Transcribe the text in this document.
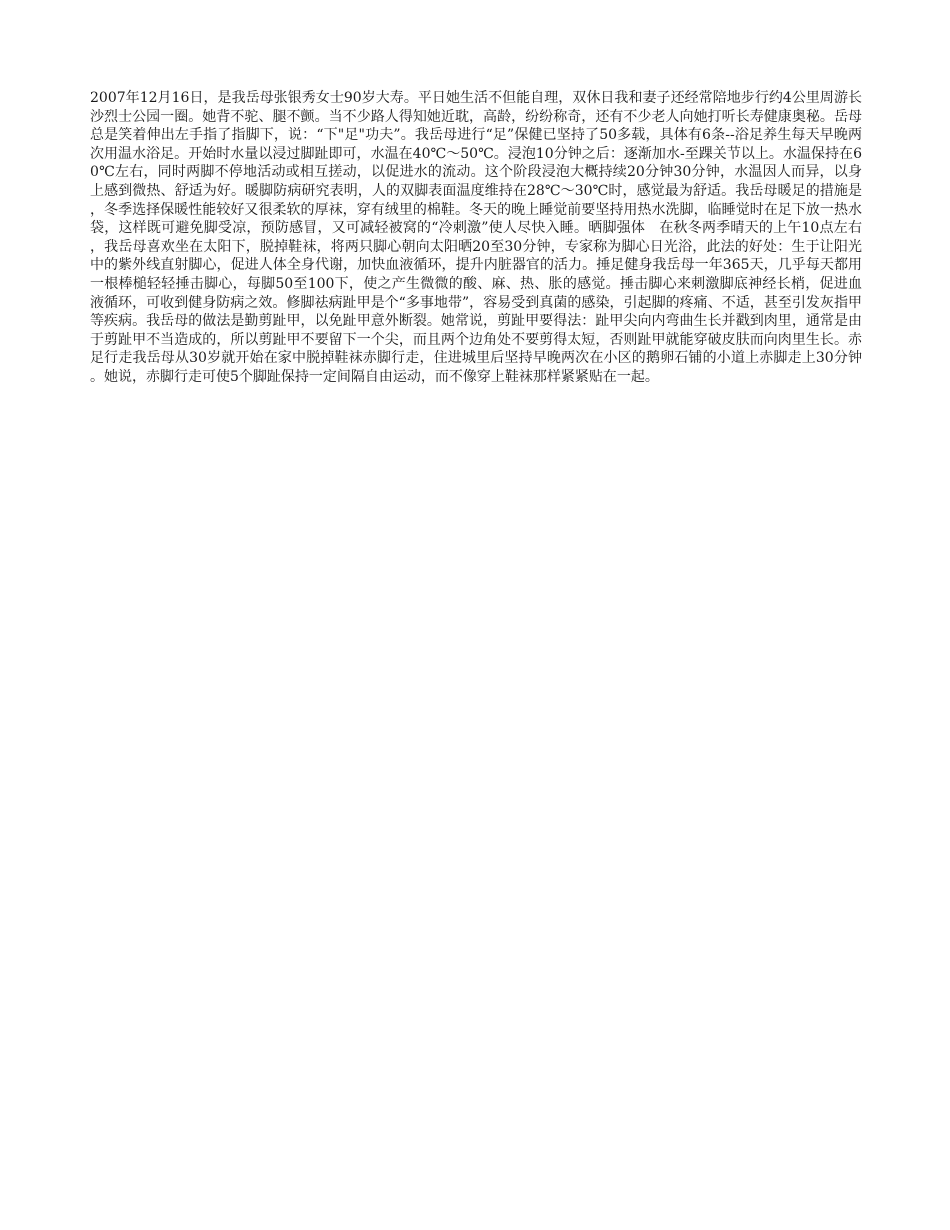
2007年12月16日，是我岳母张银秀女士90岁大寿。平日她生活不但能自理，双休日我和妻子还经常陪地步行约4公里周游长沙烈士公园一圈。她背不驼、腿不颤。当不少路人得知她近耽，高龄，纷纷称奇，还有不少老人向她打听长寿健康奥秘。岳母总是笑着伸出左手指了指脚下，说：“下"足"功夫”。我岳母进行“足”保健已坚持了50多载，具体有6条--浴足养生每天早晚两次用温水浴足。开始时水量以浸过脚趾即可，水温在40℃～50℃。浸泡10分钟之后：逐渐加水-至踝关节以上。水温保持在60℃左右，同时两脚不停地活动或相互搓动，以促进水的流动。这个阶段浸泡大概持续20分钟30分钟，水温因人而异，以身上感到微热、舒适为好。暖脚防病研究表明，人的双脚表面温度维持在28℃～30℃时，感觉最为舒适。我岳母暖足的措施是，冬季选择保暖性能较好又很柔软的厚袜，穿有绒里的棉鞋。冬天的晚上睡觉前要坚持用热水洗脚，临睡觉时在足下放一热水袋，这样既可避免脚受凉，预防感冒，又可减轻被窝的“冷刺激”使人尽快入睡。晒脚强体　在秋冬两季晴天的上午10点左右，我岳母喜欢坐在太阳下，脱掉鞋袜，将两只脚心朝向太阳晒20至30分钟，专家称为脚心日光浴，此法的好处：生于让阳光中的紫外线直射脚心，促进人体全身代谢，加快血液循环，提升内脏器官的活力。捶足健身我岳母一年365天，几乎每天都用一根棒槌轻轻捶击脚心，每脚50至100下，使之产生微微的酸、麻、热、胀的感觉。捶击脚心来刺激脚底神经长梢，促进血液循环，可收到健身防病之效。修脚祛病趾甲是个“多事地带”，容易受到真菌的感染，引起脚的疼痛、不适，甚至引发灰指甲等疾病。我岳母的做法是勤剪趾甲，以免趾甲意外断裂。她常说，剪趾甲要得法：趾甲尖向内弯曲生长并戳到肉里，通常是由于剪趾甲不当造成的，所以剪趾甲不要留下一个尖，而且两个边角处不要剪得太短，否则趾甲就能穿破皮肤而向肉里生长。赤足行走我岳母从30岁就开始在家中脱掉鞋袜赤脚行走，住进城里后坚持早晚两次在小区的鹅卵石铺的小道上赤脚走上30分钟。她说，赤脚行走可使5个脚趾保持一定间隔自由运动，而不像穿上鞋袜那样紧紧贴在一起。
